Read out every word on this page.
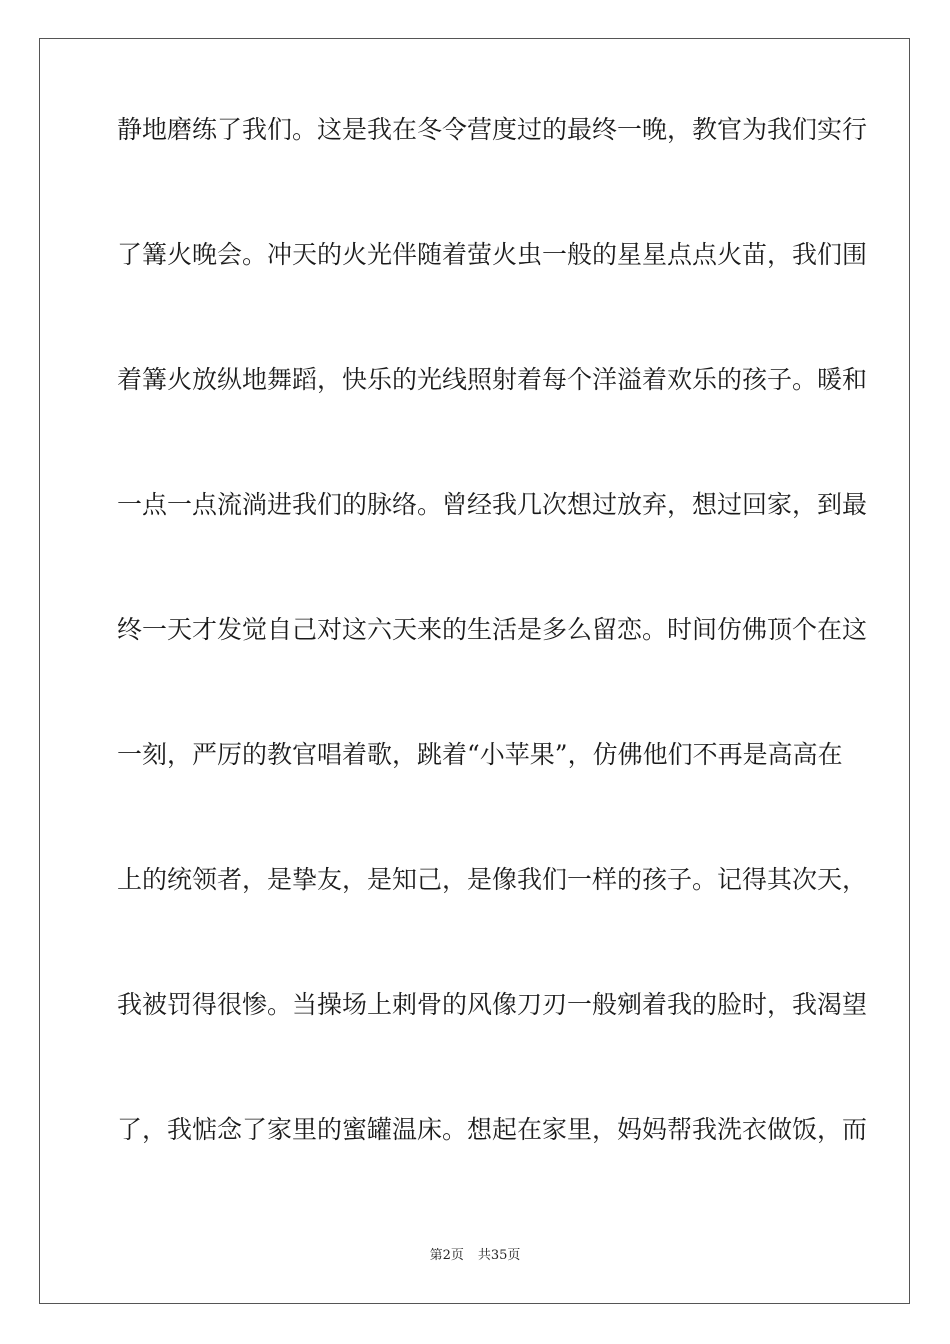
静地磨练了我们。这是我在冬令营度过的最终一晚，教官为我们实行
了篝火晚会。冲天的火光伴随着萤火虫一般的星星点点火苗，我们围
着篝火放纵地舞蹈，快乐的光线照射着每个洋溢着欢乐的孩子。暖和
一点一点流淌进我们的脉络。曾经我几次想过放弃，想过回家，到最
终一天才发觉自己对这六天来的生活是多么留恋。时间仿佛顶个在这
一刻，严厉的教官唱着歌，跳着“小苹果”，仿佛他们不再是高高在
上的统领者，是挚友，是知己，是像我们一样的孩子。记得其次天，
我被罚得很惨。当操场上刺骨的风像刀刃一般剜着我的脸时，我渴望
了，我惦念了家里的蜜罐温床。想起在家里，妈妈帮我洗衣做饭，而
第2页 共35页
